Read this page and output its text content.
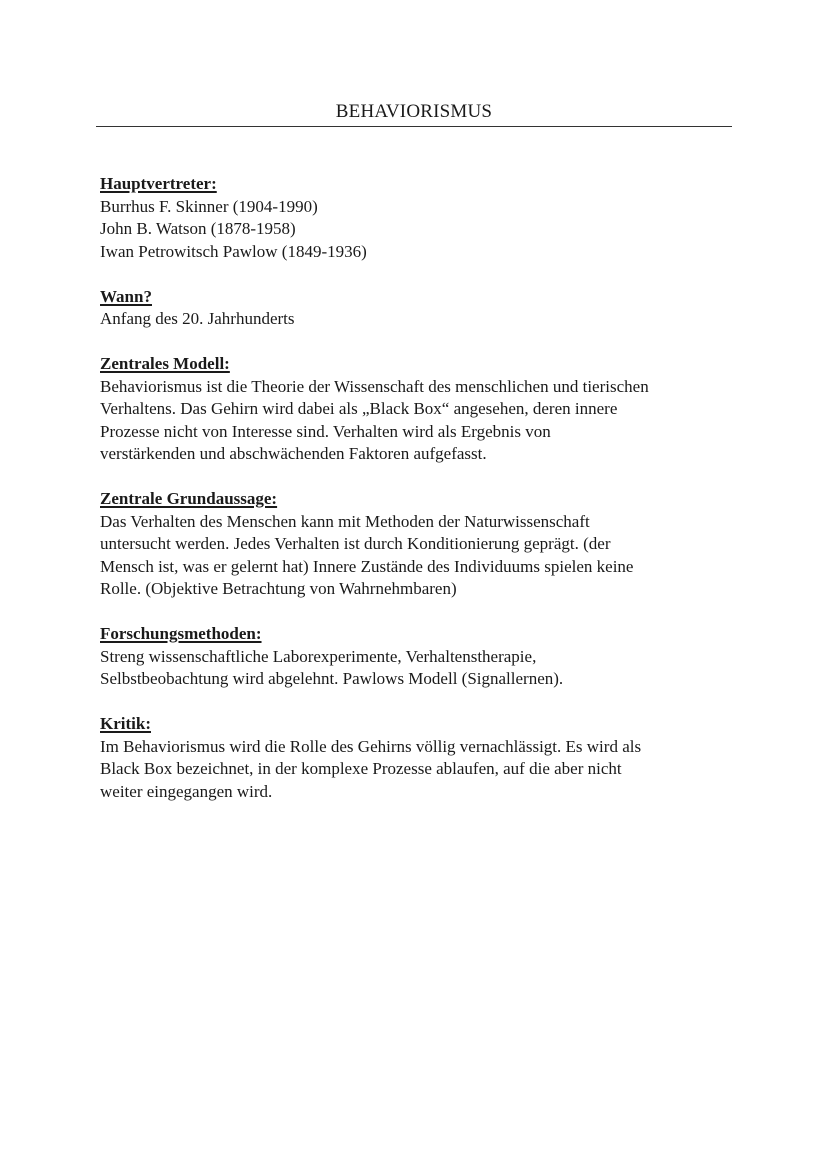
BEHAVIORISMUS

Hauptvertreter:

Burrhus F. Skinner (1904-1990)
John B. Watson (1878-1958)
Iwan Petrowitsch Pawlow (1849-1936)

Wann?

Anfang des 20. Jahrhunderts

Zentrales Modell:

Behaviorismus ist die Theorie der Wissenschaft des menschlichen und tierischen
Verhaltens. Das Gehirn wird dabei als „Black Box“ angesehen, deren innere
Prozesse nicht von Interesse sind. Verhalten wird als Ergebnis von
verstärkenden und abschwächenden Faktoren aufgefasst.

Zentrale Grundaussage:

Das Verhalten des Menschen kann mit Methoden der Naturwissenschaft
untersucht werden. Jedes Verhalten ist durch Konditionierung geprägt. (der
Mensch ist, was er gelernt hat) Innere Zustände des Individuums spielen keine
Rolle. (Objektive Betrachtung von Wahrnehmbaren)

Forschungsmethoden:

Streng wissenschaftliche Laborexperimente, Verhaltenstherapie,
Selbstbeobachtung wird abgelehnt. Pawlows Modell (Signallernen).

Kritik:

Im Behaviorismus wird die Rolle des Gehirns völlig vernachlässigt. Es wird als
Black Box bezeichnet, in der komplexe Prozesse ablaufen, auf die aber nicht
weiter eingegangen wird.
